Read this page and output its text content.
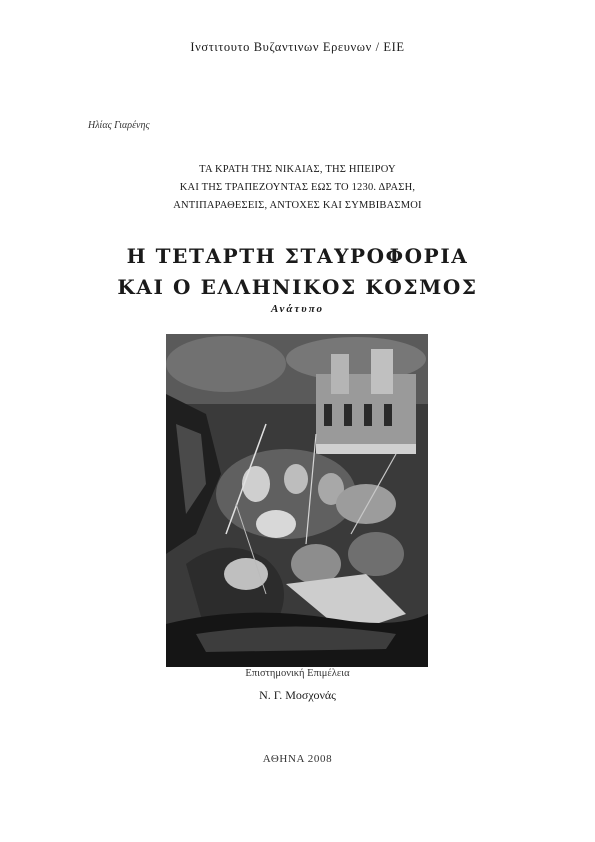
Ινστιτουτο Βυζαντινων Ερευνων / ΕΙΕ
Ηλίας Γιαρένης
ΤΑ ΚΡΑΤΗ ΤΗΣ ΝΙΚΑΙΑΣ, ΤΗΣ ΗΠΕΙΡΟΥ
ΚΑΙ ΤΗΣ ΤΡΑΠΕΖΟΥΝΤΑΣ ΕΩΣ ΤΟ 1230. ΔΡΑΣΗ,
ΑΝΤΙΠΑΡΑΘΕΣΕΙΣ, ΑΝΤΟΧΕΣ ΚΑΙ ΣΥΜΒΙΒΑΣΜΟΙ
Η ΤΕΤΑΡΤΗ ΣΤΑΥΡΟΦΟΡΙΑ
ΚΑΙ Ο ΕΛΛΗΝΙΚΟΣ ΚΟΣΜΟΣ
Ανάτυπο
Επιστημονική Επιμέλεια
Ν. Γ. Μοσχονάς
ΑΘΗΝΑ 2008
